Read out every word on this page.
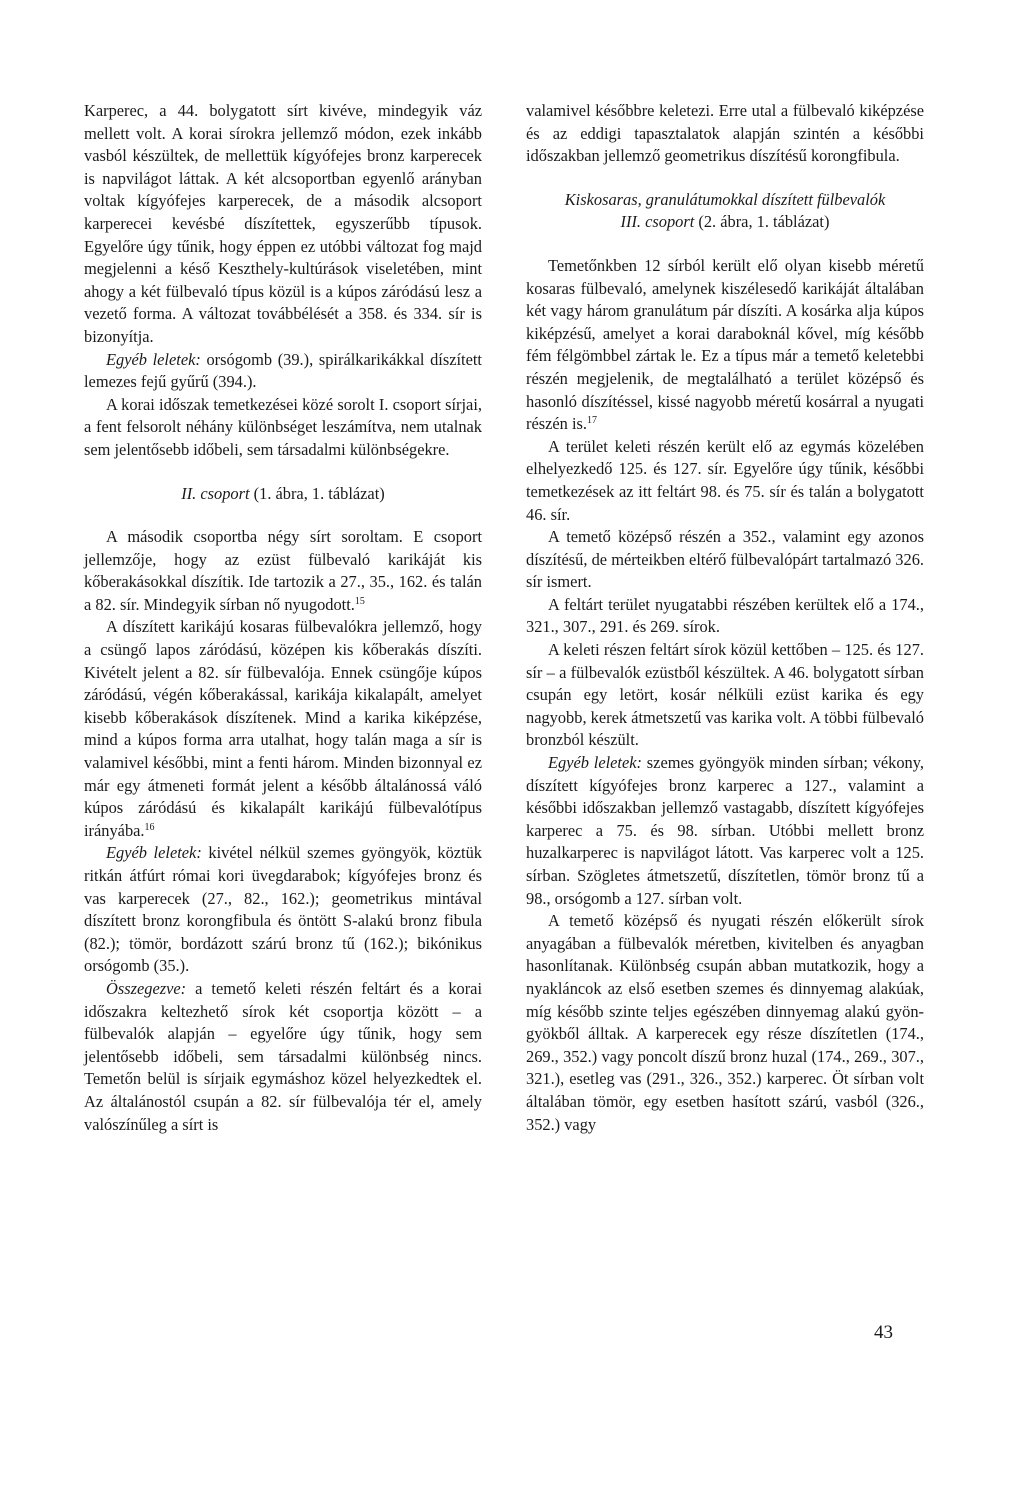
Karperec, a 44. bolygatott sírt kivéve, mindegyik váz mellett volt. A korai sírokra jellemző módon, ezek inkább vasból készültek, de mellettük kígyófejes bronz karperecek is napvilágot láttak. A két alcsoportban egyenlő arányban voltak kígyófejes karperecek, de a második alcsoport karperecei kevésbé díszítettek, egyszerűbb típusok. Egyelőre úgy tűnik, hogy éppen ez utóbbi változat fog majd megjelenni a késő Keszthely-kultúrások viseletében, mint ahogy a két fülbevaló típus közül is a kúpos záródású lesz a vezető forma. A változat továbbélését a 358. és 334. sír is bizonyítja.

Egyéb leletek: orsógomb (39.), spirálkarikákkal díszített lemezes fejű gyűrű (394.).

A korai időszak temetkezései közé sorolt I. csoport sírjai, a fent felsorolt néhány különbséget leszámítva, nem utalnak sem jelentősebb időbeli, sem társadalmi különbségekre.

II. csoport (1. ábra, 1. táblázat)

A második csoportba négy sírt soroltam. E csoport jellemzője, hogy az ezüst fülbevaló karikáját kis kőberakásokkal díszítik. Ide tartozik a 27., 35., 162. és talán a 82. sír. Mindegyik sírban nő nyugodott.$^{15}$

A díszített karikájú kosaras fülbevalókra jellemző, hogy a csüngő lapos záródású, középen kis kőberakás díszíti. Kivételt jelent a 82. sír fülbevalója. Ennek csüngője kúpos záródású, végén kőberakással, karikája kikalapált, amelyet kisebb kőberakások díszítenek. Mind a karika kiképzése, mind a kúpos forma arra utalhat, hogy talán maga a sír is valamivel későbbi, mint a fenti három. Minden bizonnyal ez már egy átmeneti formát jelent a később általánossá váló kúpos záródású és kikalapált karikájú fülbevalótípus irányába.$^{16}$

Egyéb leletek: kivétel nélkül szemes gyöngyök, köztük ritkán átfúrt római kori üvegdarabok; kígyófejes bronz és vas karperecek (27., 82., 162.); geometrikus mintával díszített bronz korongfibula és öntött S-alakú bronz fibula (82.); tömör, bordázott szárú bronz tű (162.); bikónikus orsógomb (35.).

Összegezve: a temető keleti részén feltárt és a korai időszakra keltezhető sírok két csoportja között – a fülbevalók alapján – egyelőre úgy tűnik, hogy sem jelentősebb időbeli, sem társadalmi különbség nincs. Temetőn belül is sírjaik egymáshoz közel helyezkedtek el. Az általánostól csupán a 82. sír fülbevalója tér el, amely valószínűleg a sírt is

valamivel későbbre keletezi. Erre utal a fülbevaló kiképzése és az eddigi tapasztalatok alapján szintén a későbbi időszakban jellemző geometrikus díszítésű korongfibula.

Kiskosaras, granulátumokkal díszített fülbevalók
III. csoport (2. ábra, 1. táblázat)

Temetőnkben 12 sírból került elő olyan kisebb méretű kosaras fülbevaló, amelynek kiszélesedő karikáját általában két vagy három granulátum pár díszíti. A kosárka alja kúpos kiképzésű, amelyet a korai daraboknál kővel, míg később fém félgömbbel zártak le. Ez a típus már a temető keletebbi részén megjelenik, de megtalálható a terület középső és hasonló díszítéssel, kissé nagyobb méretű kosárral a nyugati részén is.$^{17}$

A terület keleti részén került elő az egymás közelében elhelyezkedő 125. és 127. sír. Egyelőre úgy tűnik, későbbi temetkezések az itt feltárt 98. és 75. sír és talán a bolygatott 46. sír.

A temető középső részén a 352., valamint egy azonos díszítésű, de mérteikben eltérő fülbevalópárt tartalmazó 326. sír ismert.

A feltárt terület nyugatabbi részében kerültek elő a 174., 321., 307., 291. és 269. sírok.

A keleti részen feltárt sírok közül kettőben – 125. és 127. sír – a fülbevalók ezüstből készültek. A 46. bolygatott sírban csupán egy letört, kosár nélküli ezüst karika és egy nagyobb, kerek átmetszetű vas karika volt. A többi fülbevaló bronzból készült.

Egyéb leletek: szemes gyöngyök minden sírban; vékony, díszített kígyófejes bronz karperec a 127., valamint a későbbi időszakban jellemző vastagabb, díszített kígyófejes karperec a 75. és 98. sírban. Utóbbi mellett bronz huzalkarperec is napvilágot látott. Vas karperec volt a 125. sírban. Szögletes átmetszetű, díszítetlen, tömör bronz tű a 98., orsógomb a 127. sírban volt.

A temető középső és nyugati részén előkerült sírok anyagában a fülbevalók méretben, kivitelben és anyagban hasonlítanak. Különbség csupán abban mutatkozik, hogy a nyakláncok az első esetben szemes és dinnyemag alakúak, míg később szinte teljes egészében dinnyemag alakú gyöngyökből álltak. A karperecek egy része díszítetlen (174., 269., 352.) vagy poncolt díszű bronz huzal (174., 269., 307., 321.), esetleg vas (291., 326., 352.) karperec. Öt sírban volt általában tömör, egy esetben hasított szárú, vasból (326., 352.) vagy

43
